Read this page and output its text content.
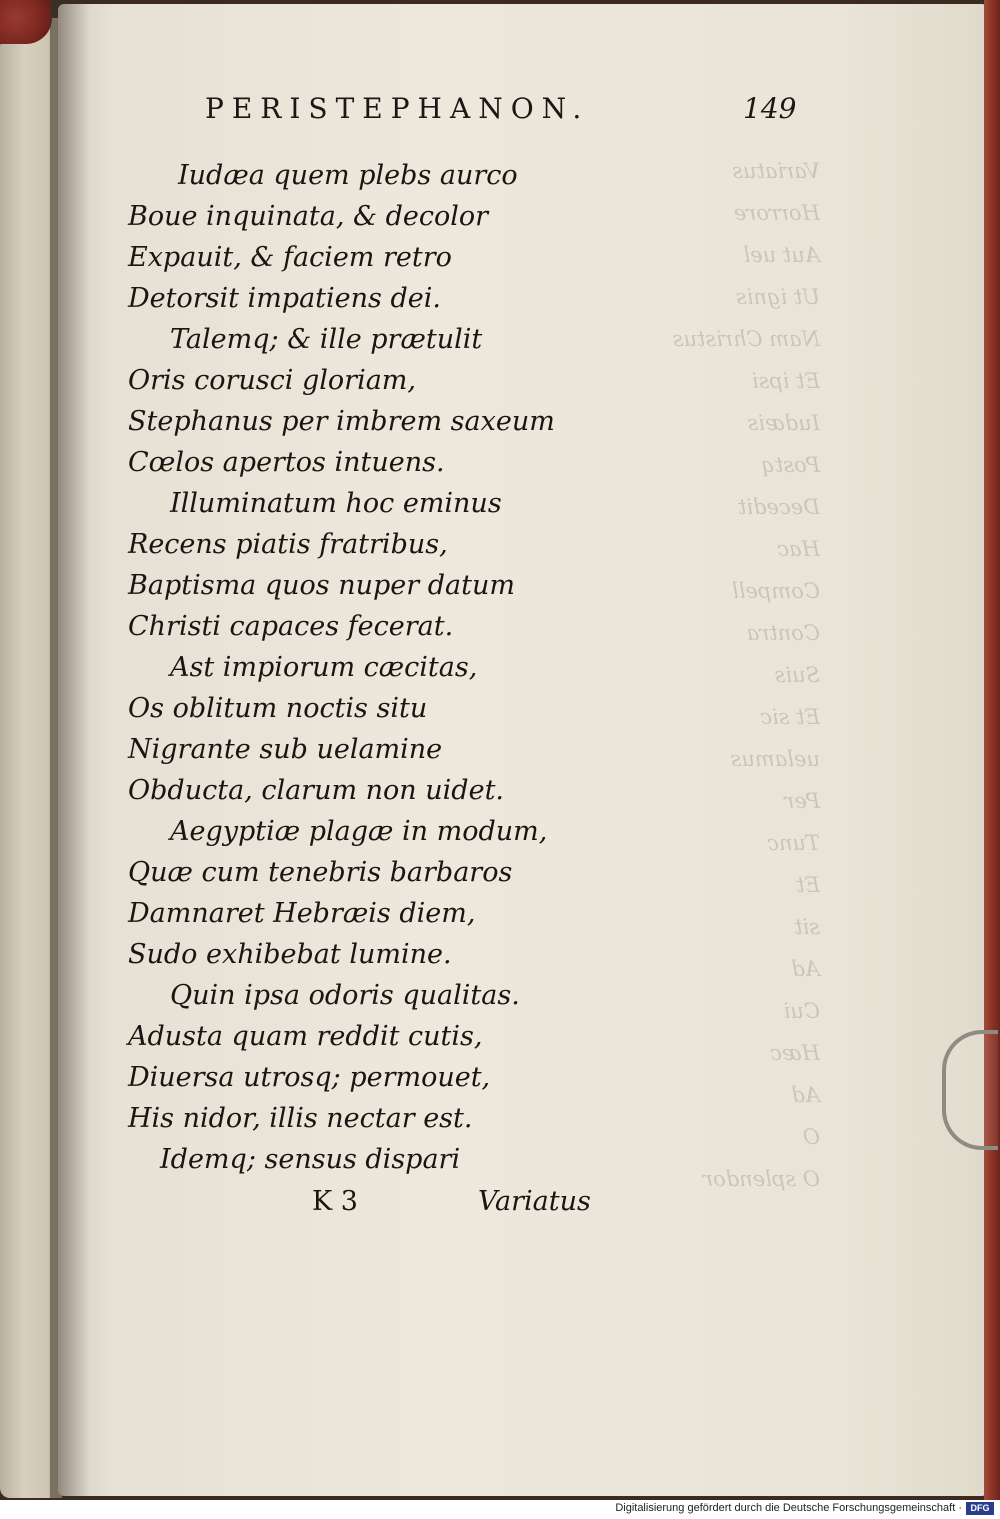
Variatus
Horrore
Aut uel
Ut ignis
Nam Christus
Et ipsi
Iudæis
Postq
Decedit
Hac
Compell
Contra
Suis
Et sic
uelamus
Per
Tunc
Et
sit
Ad
Cui
Hæc
Ad
O
O splendor
PERISTEPHANON.	149
Iudæa quem plebs aurco
Boue inquinata, & decolor
Expauit, & faciem retro
Detorsit impatiens dei.
Talemq; & ille prætulit
Oris corusci gloriam,
Stephanus per imbrem saxeum
Cœlos apertos intuens.
Illuminatum hoc eminus
Recens piatis fratribus,
Baptisma quos nuper datum
Christi capaces fecerat.
Ast impiorum cæcitas,
Os oblitum noctis situ
Nigrante sub uelamine
Obducta, clarum non uidet.
Aegyptiæ plagæ in modum,
Quæ cum tenebris barbaros
Damnaret Hebræis diem,
Sudo exhibebat lumine.
Quin ipsa odoris qualitas.
Adusta quam reddit cutis,
Diuersa utrosq; permouet,
His nidor, illis nectar est.
Idemq; sensus dispari
K 3	Variatus
Digitalisierung gefördert durch die Deutsche Forschungsgemeinschaft · DFG
